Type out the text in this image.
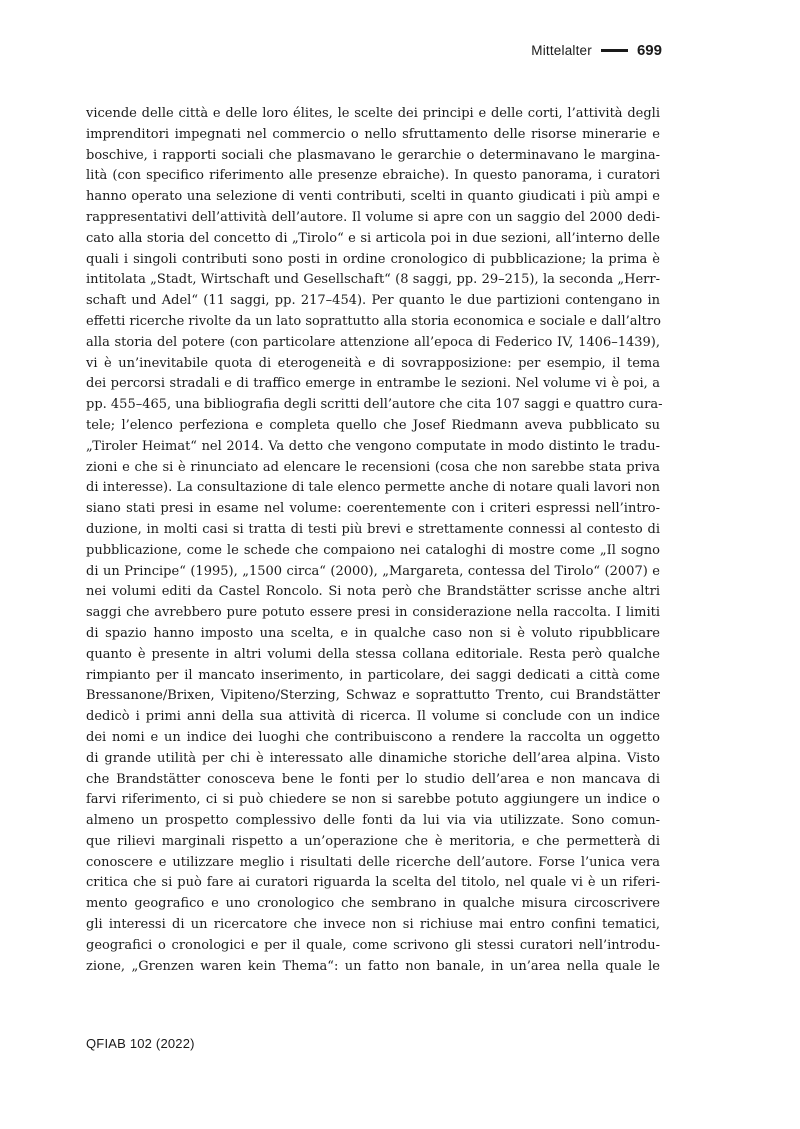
Mittelalter	699
vicende delle città e delle loro élites, le scelte dei principi e delle corti, l’attività degli
imprenditori impegnati nel commercio o nello sfruttamento delle risorse minerarie e
boschive, i rapporti sociali che plasmavano le gerarchie o determinavano le margina-
lità (con specifico riferimento alle presenze ebraiche). In questo panorama, i curatori
hanno operato una selezione di venti contributi, scelti in quanto giudicati i più ampi e
rappresentativi dell’attività dell’autore. Il volume si apre con un saggio del 2000 dedi-
cato alla storia del concetto di „Tirolo“ e si articola poi in due sezioni, all’interno delle
quali i singoli contributi sono posti in ordine cronologico di pubblicazione; la prima è
intitolata „Stadt, Wirtschaft und Gesellschaft“ (8 saggi, pp. 29–215), la seconda „Herr-
schaft und Adel“ (11 saggi, pp. 217–454). Per quanto le due partizioni contengano in
effetti ricerche rivolte da un lato soprattutto alla storia economica e sociale e dall’altro
alla storia del potere (con particolare attenzione all’epoca di Federico IV, 1406–1439),
vi è un’inevitabile quota di eterogeneità e di sovrapposizione: per esempio, il tema
dei percorsi stradali e di traffico emerge in entrambe le sezioni. Nel volume vi è poi, a
pp. 455–465, una bibliografia degli scritti dell’autore che cita 107 saggi e quattro cura-
tele; l’elenco perfeziona e completa quello che Josef Riedmann aveva pubblicato su
„Tiroler Heimat“ nel 2014. Va detto che vengono computate in modo distinto le tradu-
zioni e che si è rinunciato ad elencare le recensioni (cosa che non sarebbe stata priva
di interesse). La consultazione di tale elenco permette anche di notare quali lavori non
siano stati presi in esame nel volume: coerentemente con i criteri espressi nell’intro-
duzione, in molti casi si tratta di testi più brevi e strettamente connessi al contesto di
pubblicazione, come le schede che compaiono nei cataloghi di mostre come „Il sogno
di un Principe“ (1995), „1500 circa“ (2000), „Margareta, contessa del Tirolo“ (2007) e
nei volumi editi da Castel Roncolo. Si nota però che Brandstätter scrisse anche altri
saggi che avrebbero pure potuto essere presi in considerazione nella raccolta. I limiti
di spazio hanno imposto una scelta, e in qualche caso non si è voluto ripubblicare
quanto è presente in altri volumi della stessa collana editoriale. Resta però qualche
rimpianto per il mancato inserimento, in particolare, dei saggi dedicati a città come
Bressanone/Brixen, Vipiteno/Sterzing, Schwaz e soprattutto Trento, cui Brandstätter
dedicò i primi anni della sua attività di ricerca. Il volume si conclude con un indice
dei nomi e un indice dei luoghi che contribuiscono a rendere la raccolta un oggetto
di grande utilità per chi è interessato alle dinamiche storiche dell’area alpina. Visto
che Brandstätter conosceva bene le fonti per lo studio dell’area e non mancava di
farvi riferimento, ci si può chiedere se non si sarebbe potuto aggiungere un indice o
almeno un prospetto complessivo delle fonti da lui via via utilizzate. Sono comun-
que rilievi marginali rispetto a un’operazione che è meritoria, e che permetterà di
conoscere e utilizzare meglio i risultati delle ricerche dell’autore. Forse l’unica vera
critica che si può fare ai curatori riguarda la scelta del titolo, nel quale vi è un riferi-
mento geografico e uno cronologico che sembrano in qualche misura circoscrivere
gli interessi di un ricercatore che invece non si richiuse mai entro confini tematici,
geografici o cronologici e per il quale, come scrivono gli stessi curatori nell’introdu-
zione, „Grenzen waren kein Thema“: un fatto non banale, in un’area nella quale le
QFIAB 102 (2022)
